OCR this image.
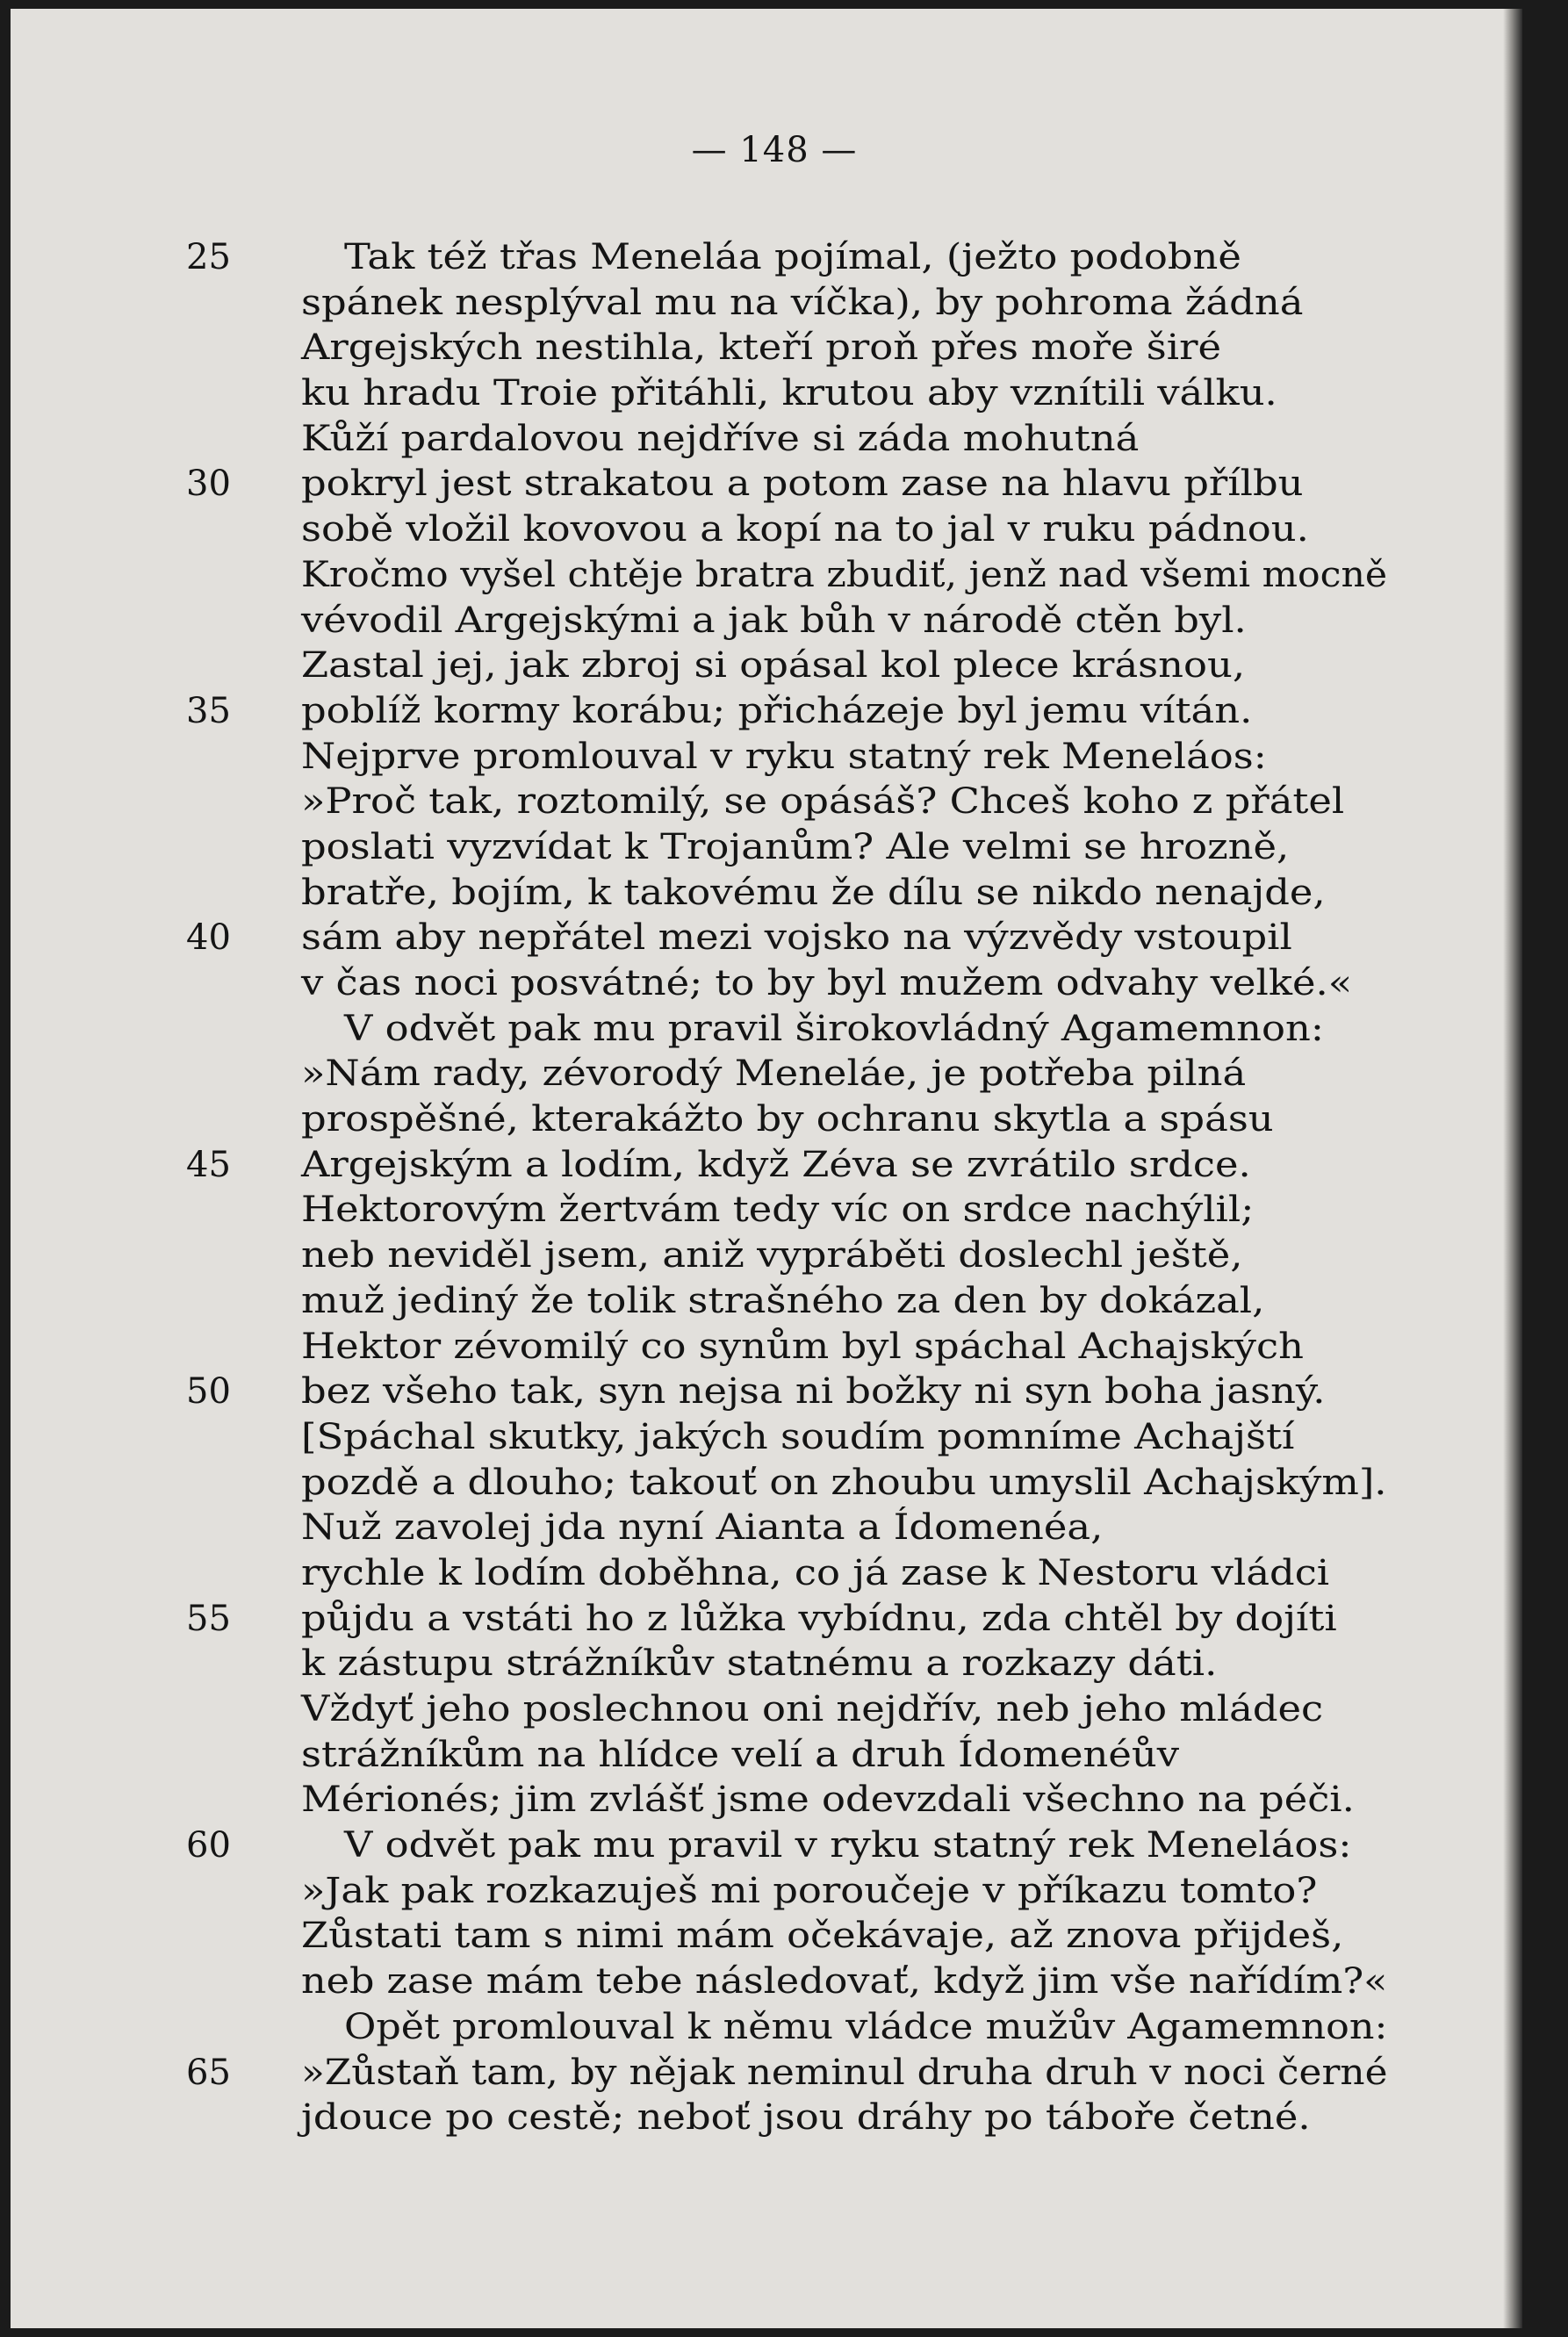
— 148 —
25	Tak též třas Meneláa pojímal, (ježto podobně
spánek nesplýval mu na víčka), by pohroma žádná
Argejských nestihla, kteří proň přes moře širé
ku hradu Troie přitáhli, krutou aby vznítili válku.
Kůží pardalovou nejdříve si záda mohutná
30	pokryl jest strakatou a potom zase na hlavu přílbu
sobě vložil kovovou a kopí na to jal v ruku pádnou.
Kročmo vyšel chtěje bratra zbudiť, jenž nad všemi mocně
vévodil Argejskými a jak bůh v národě ctěn byl.
Zastal jej, jak zbroj si opásal kol plece krásnou,
35	poblíž kormy korábu; přicházeje byl jemu vítán.
Nejprve promlouval v ryku statný rek Meneláos:
»Proč tak, roztomilý, se opásáš? Chceš koho z přátel
poslati vyzvídat k Trojanům? Ale velmi se hrozně,
bratře, bojím, k takovému že dílu se nikdo nenajde,
40	sám aby nepřátel mezi vojsko na výzvědy vstoupil
v čas noci posvátné; to by byl mužem odvahy velké.«
V odvět pak mu pravil širokovládný Agamemnon:
»Nám rady, zévorodý Meneláe, je potřeba pilná
prospěšné, kterakážto by ochranu skytla a spásu
45	Argejským a lodím, když Zéva se zvrátilo srdce.
Hektorovým žertvám tedy víc on srdce nachýlil;
neb neviděl jsem, aniž vypráběti doslechl ještě,
muž jediný že tolik strašného za den by dokázal,
Hektor zévomilý co synům byl spáchal Achajských
50	bez všeho tak, syn nejsa ni božky ni syn boha jasný.
[Spáchal skutky, jakých soudím pomníme Achajští
pozdě a dlouho; takouť on zhoubu umyslil Achajským].
Nuž zavolej jda nyní Aianta a Ídomenéa,
rychle k lodím doběhna, co já zase k Nestoru vládci
55	půjdu a vstáti ho z lůžka vybídnu, zda chtěl by dojíti
k zástupu strážníkův statnému a rozkazy dáti.
Vždyť jeho poslechnou oni nejdřív, neb jeho mládec
strážníkům na hlídce velí a druh Ídomenéův
Mérionés; jim zvlášť jsme odevzdali všechno na péči.
60	V odvět pak mu pravil v ryku statný rek Meneláos:
»Jak pak rozkazuješ mi poroučeje v příkazu tomto?
Zůstati tam s nimi mám očekávaje, až znova přijdeš,
neb zase mám tebe následovať, když jim vše nařídím?«
Opět promlouval k němu vládce mužův Agamemnon:
65	»Zůstaň tam, by nějak neminul druha druh v noci černé
jdouce po cestě; neboť jsou dráhy po táboře četné.
